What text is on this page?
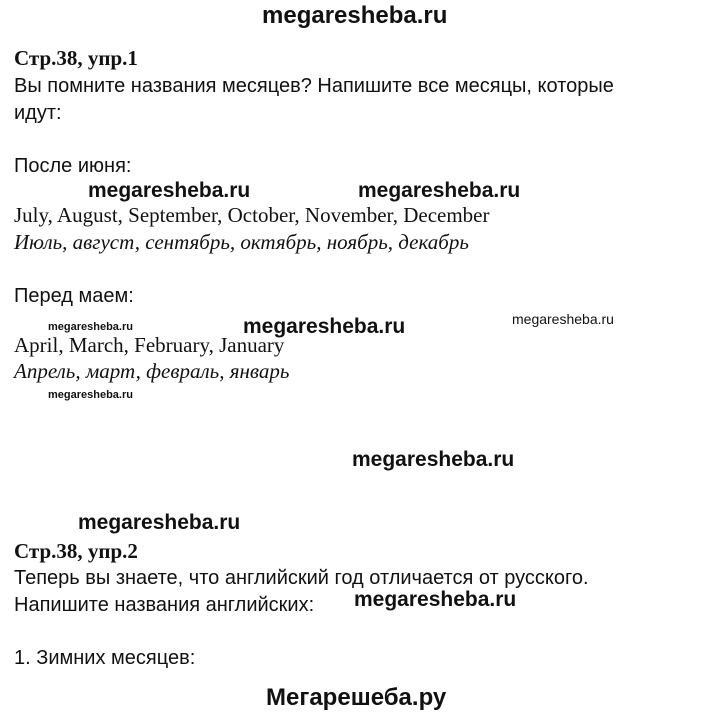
megaresheba.ru
Стр.38, упр.1
Вы помните названия месяцев? Напишите все месяцы, которые
идут:
После июня:
megaresheba.ru	megaresheba.ru
July, August, September, October, November, December
Июль, август, сентябрь, октябрь, ноябрь, декабрь
Перед маем:
megaresheba.ru
megaresheba.ru	megaresheba.ru
April, March, February, January
Апрель, март, февраль, январь
megaresheba.ru
megaresheba.ru
megaresheba.ru
Стр.38, упр.2
Теперь вы знаете, что английский год отличается от русского.
Напишите названия английских: megaresheba.ru
1. Зимних месяцев:
Мегарешеба.ру
